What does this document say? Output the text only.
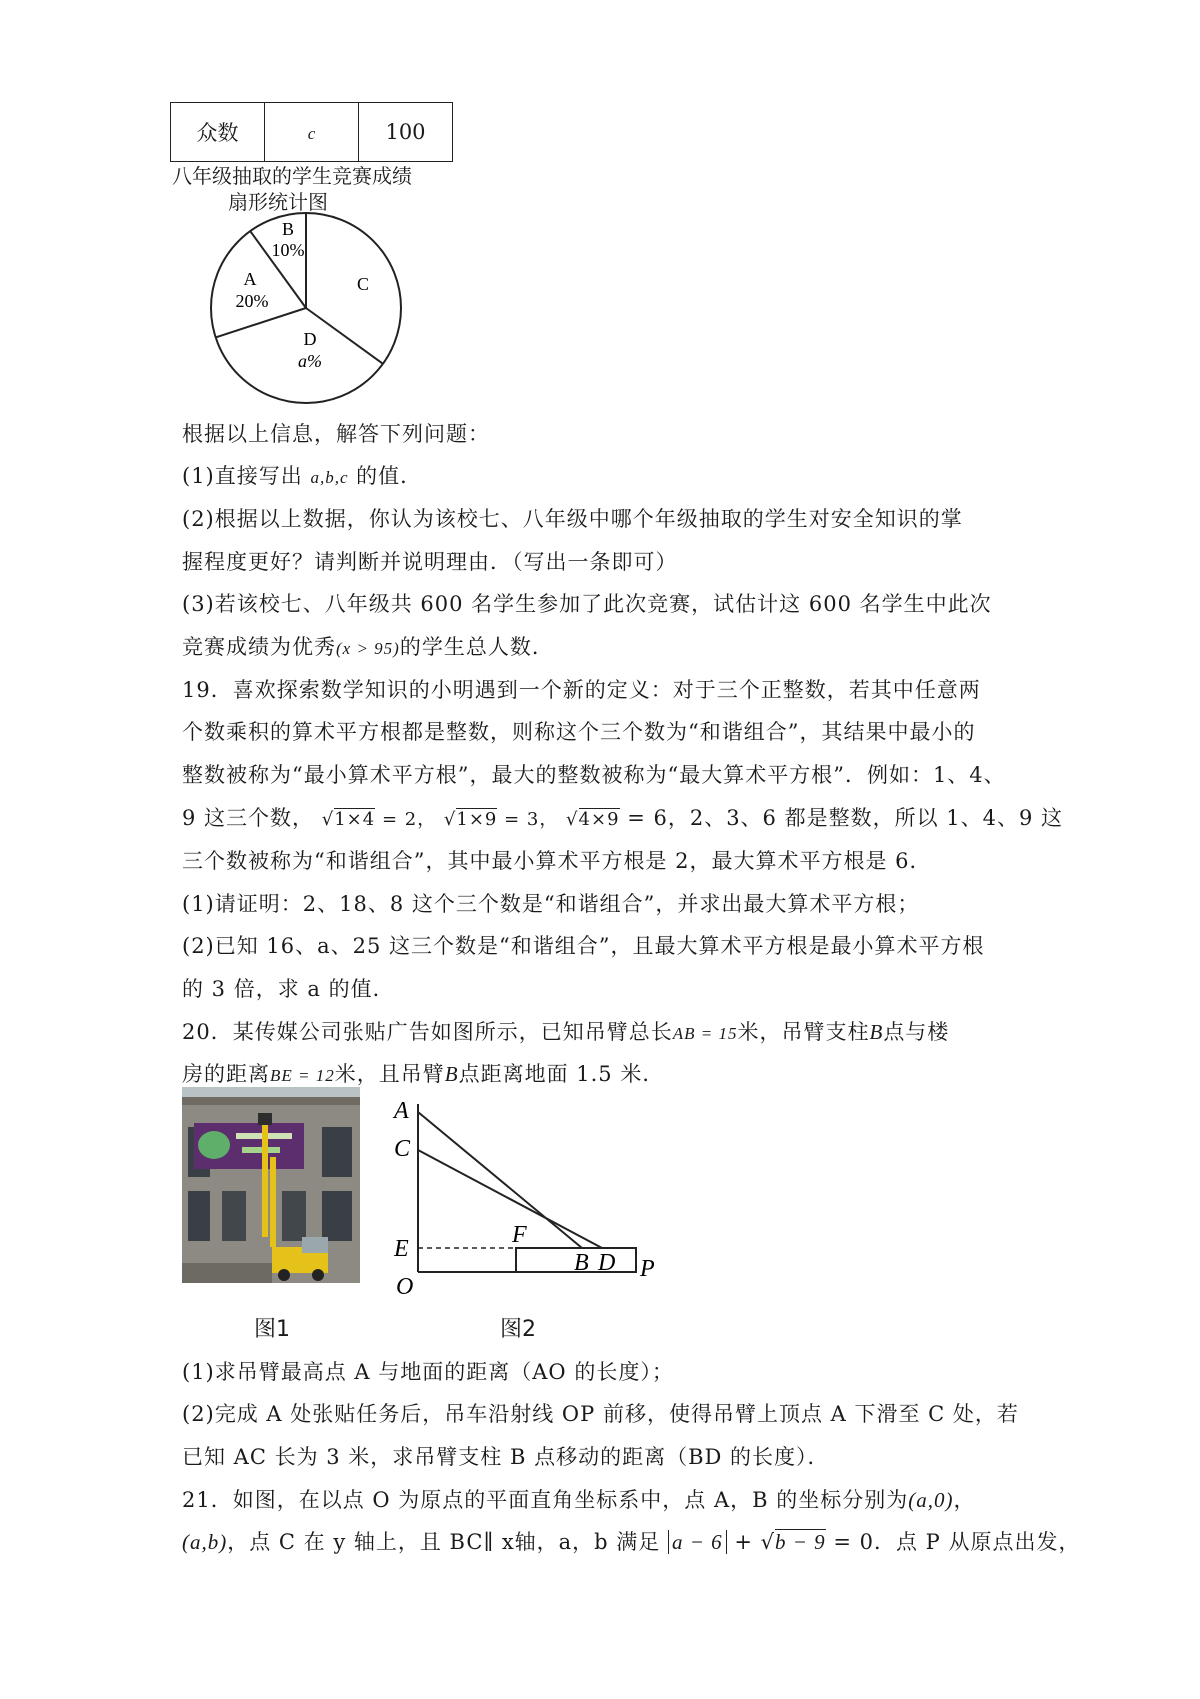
众数	c	100
八年级抽取的学生竞赛成绩
扇形统计图
B
10%
A
20%
C
D
a%
根据以上信息，解答下列问题：
(1)直接写出 a,b,c 的值．
(2)根据以上数据，你认为该校七、八年级中哪个年级抽取的学生对安全知识的掌
握程度更好？请判断并说明理由．（写出一条即可）
(3)若该校七、八年级共 600 名学生参加了此次竞赛，试估计这 600 名学生中此次
竞赛成绩为优秀(x > 95)的学生总人数．
19．喜欢探索数学知识的小明遇到一个新的定义：对于三个正整数，若其中任意两
个数乘积的算术平方根都是整数，则称这个三个数为“和谐组合”，其结果中最小的
整数被称为“最小算术平方根”，最大的整数被称为“最大算术平方根”．例如：1、4、
9 这三个数， √1×4 = 2， √1×9 = 3， √4×9 = 6，2、3、6 都是整数，所以 1、4、9 这
三个数被称为“和谐组合”，其中最小算术平方根是 2，最大算术平方根是 6．
(1)请证明：2、18、8 这个三个数是“和谐组合”，并求出最大算术平方根；
(2)已知 16、a、25 这三个数是“和谐组合”，且最大算术平方根是最小算术平方根
的 3 倍，求 a 的值．
20．某传媒公司张贴广告如图所示，已知吊臂总长AB = 15米，吊臂支柱B点与楼
房的距离BE = 12米，且吊臂B点距离地面 1.5 米．
图1
A
C
E
F
B D P
O
图2
(1)求吊臂最高点 A 与地面的距离（AO 的长度）；
(2)完成 A 处张贴任务后，吊车沿射线 OP 前移，使得吊臂上顶点 A 下滑至 C 处，若
已知 AC 长为 3 米，求吊臂支柱 B 点移动的距离（BD 的长度）．
21．如图，在以点 O 为原点的平面直角坐标系中，点 A，B 的坐标分别为(a,0)，
(a,b)，点 C 在 y 轴上，且 BC∥ x轴，a，b 满足 a − 6 + √b − 9 = 0．点 P 从原点出发，
